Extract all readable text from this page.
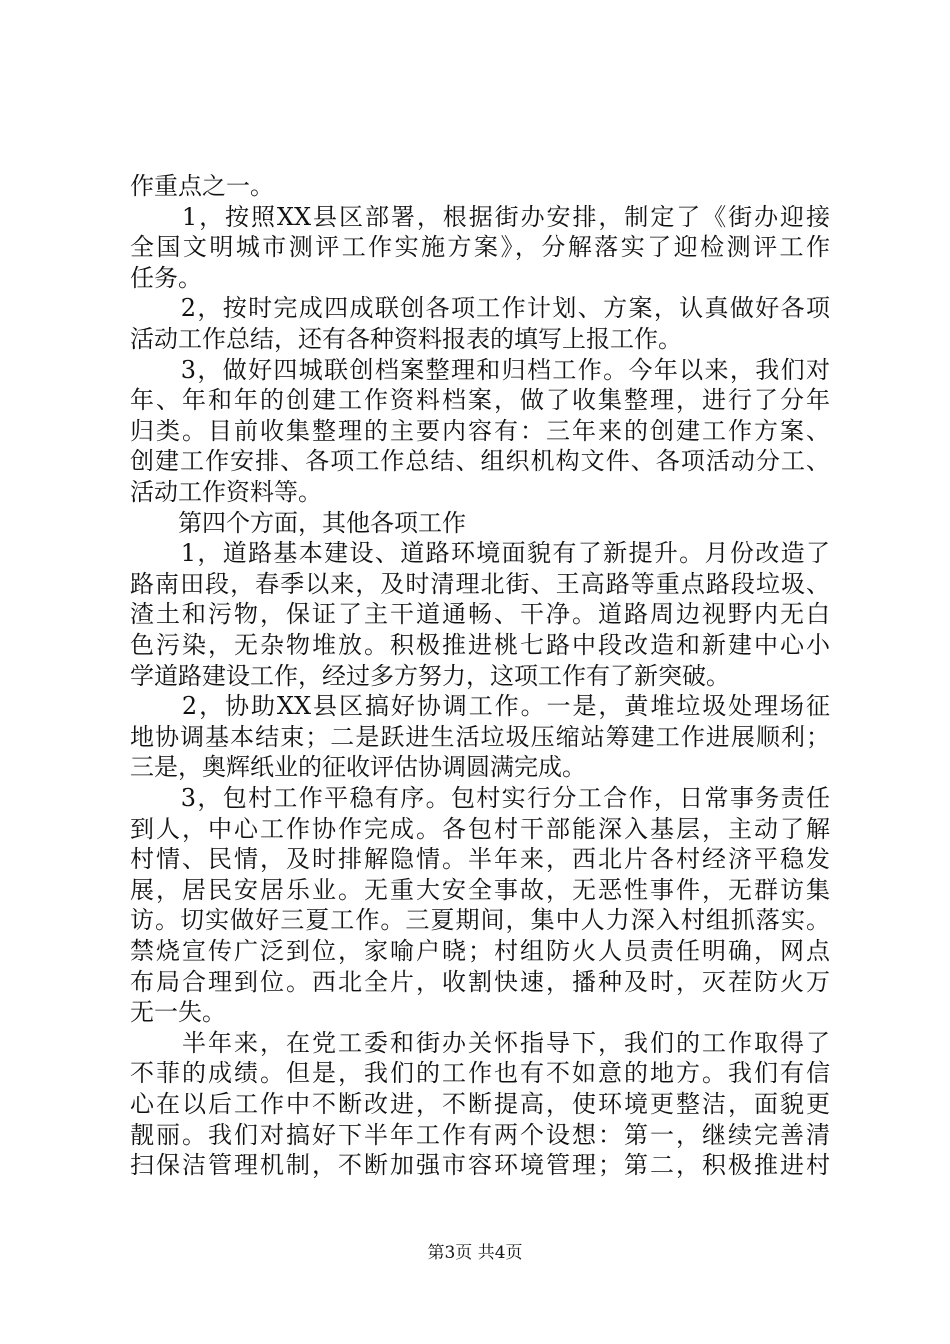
作重点之一。
　　1，按照XX县区部署，根据街办安排，制定了《街办迎接
全国文明城市测评工作实施方案》，分解落实了迎检测评工作
任务。
　　2，按时完成四成联创各项工作计划、方案，认真做好各项
活动工作总结，还有各种资料报表的填写上报工作。
　　3，做好四城联创档案整理和归档工作。今年以来，我们对
年、年和年的创建工作资料档案，做了收集整理，进行了分年
归类。目前收集整理的主要内容有：三年来的创建工作方案、
创建工作安排、各项工作总结、组织机构文件、各项活动分工、
活动工作资料等。
　　第四个方面，其他各项工作
　　1，道路基本建设、道路环境面貌有了新提升。月份改造了
路南田段，春季以来，及时清理北街、王高路等重点路段垃圾、
渣土和污物，保证了主干道通畅、干净。道路周边视野内无白
色污染，无杂物堆放。积极推进桃七路中段改造和新建中心小
学道路建设工作，经过多方努力，这项工作有了新突破。
　　2，协助XX县区搞好协调工作。一是，黄堆垃圾处理场征
地协调基本结束；二是跃进生活垃圾压缩站筹建工作进展顺利；
三是，奥辉纸业的征收评估协调圆满完成。
　　3，包村工作平稳有序。包村实行分工合作，日常事务责任
到人，中心工作协作完成。各包村干部能深入基层，主动了解
村情、民情，及时排解隐情。半年来，西北片各村经济平稳发
展，居民安居乐业。无重大安全事故，无恶性事件，无群访集
访。切实做好三夏工作。三夏期间，集中人力深入村组抓落实。
禁烧宣传广泛到位，家喻户晓；村组防火人员责任明确，网点
布局合理到位。西北全片，收割快速，播种及时，灭茬防火万
无一失。
　　半年来，在党工委和街办关怀指导下，我们的工作取得了
不菲的成绩。但是，我们的工作也有不如意的地方。我们有信
心在以后工作中不断改进，不断提高，使环境更整洁，面貌更
靓丽。我们对搞好下半年工作有两个设想：第一，继续完善清
扫保洁管理机制，不断加强市容环境管理；第二，积极推进村
第3页 共4页
